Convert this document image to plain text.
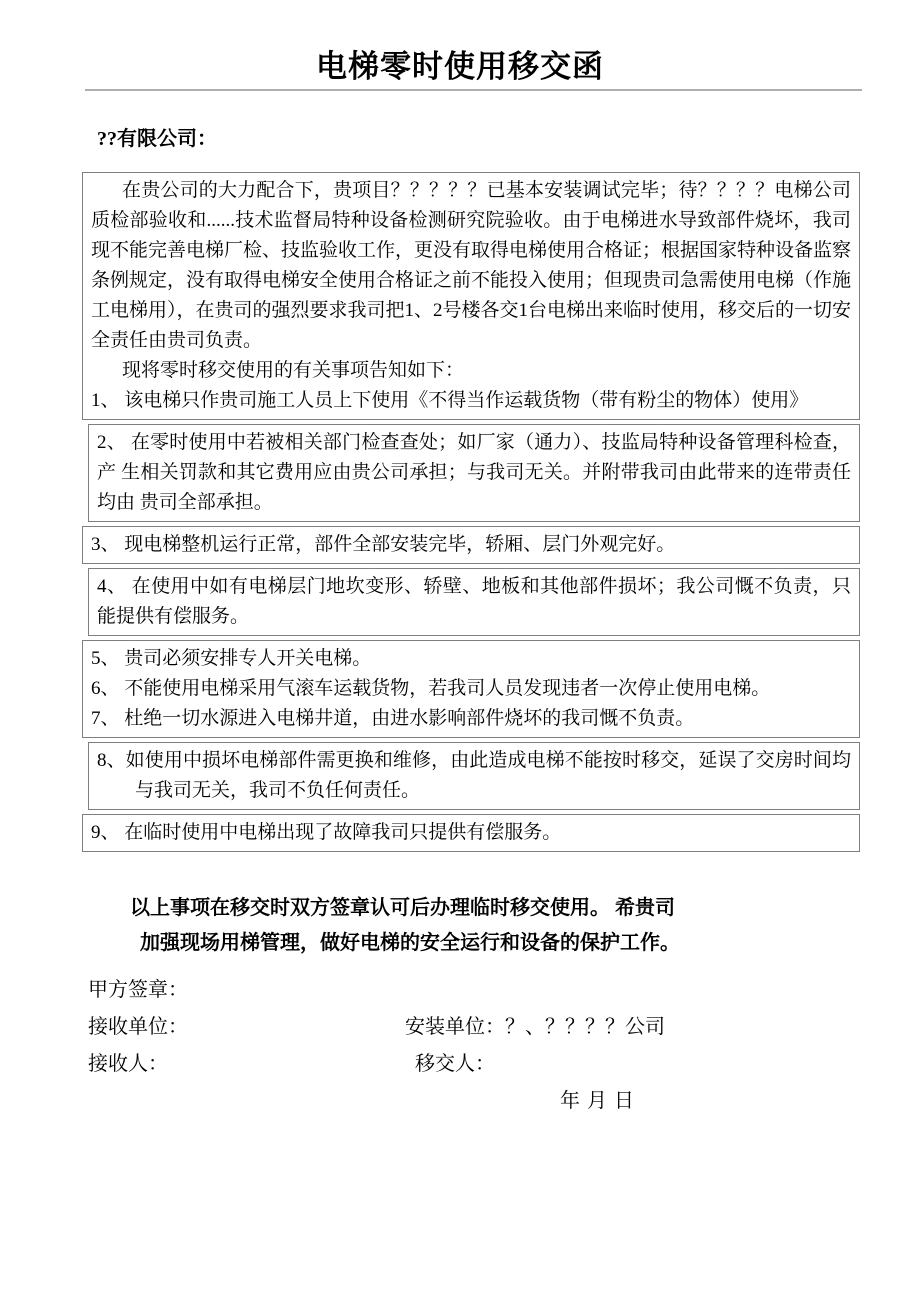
电梯零时使用移交函
??有限公司：

在贵公司的大力配合下，贵项目？？？？？已基本安装调试完毕；待？？？？电梯公司质检部验收和......技术监督局特种设备检测研究院验收。由于电梯进水导致部件烧坏，我司现不能完善电梯厂检、技监验收工作，更没有取得电梯使用合格证；根据国家特种设备监察条例规定，没有取得电梯安全使用合格证之前不能投入使用；但现贵司急需使用电梯（作施工电梯用），在贵司的强烈要求我司把1、2号楼各交1台电梯出来临时使用，移交后的一切安全责任由贵司负责。

现将零时移交使用的有关事项告知如下：

1、 该电梯只作贵司施工人员上下使用《不得当作运载货物（带有粉尘的物体）使用》

2、 在零时使用中若被相关部门检查查处；如厂家（通力）、技监局特种设备管理科检查，产 生相关罚款和其它费用应由贵公司承担；与我司无关。并附带我司由此带来的连带责任均由 贵司全部承担。

3、 现电梯整机运行正常，部件全部安装完毕，轿厢、层门外观完好。

4、 在使用中如有电梯层门地坎变形、轿壁、地板和其他部件损坏；我公司慨不负责，只能提供有偿服务。

5、 贵司必须安排专人开关电梯。

6、 不能使用电梯采用气滚车运载货物，若我司人员发现违者一次停止使用电梯。

7、 杜绝一切水源进入电梯井道，由进水影响部件烧坏的我司慨不负责。

8、如使用中损坏电梯部件需更换和维修，由此造成电梯不能按时移交，延误了交房时间均 与我司无关，我司不负任何责任。

9、 在临时使用中电梯出现了故障我司只提供有偿服务。

以上事项在移交时双方签章认可后办理临时移交使用。 希贵司

加强现场用梯管理，做好电梯的安全运行和设备的保护工作。

甲方签章：
接收单位：	安装单位：？、？？？？公司
接收人：	移交人：
年月日
